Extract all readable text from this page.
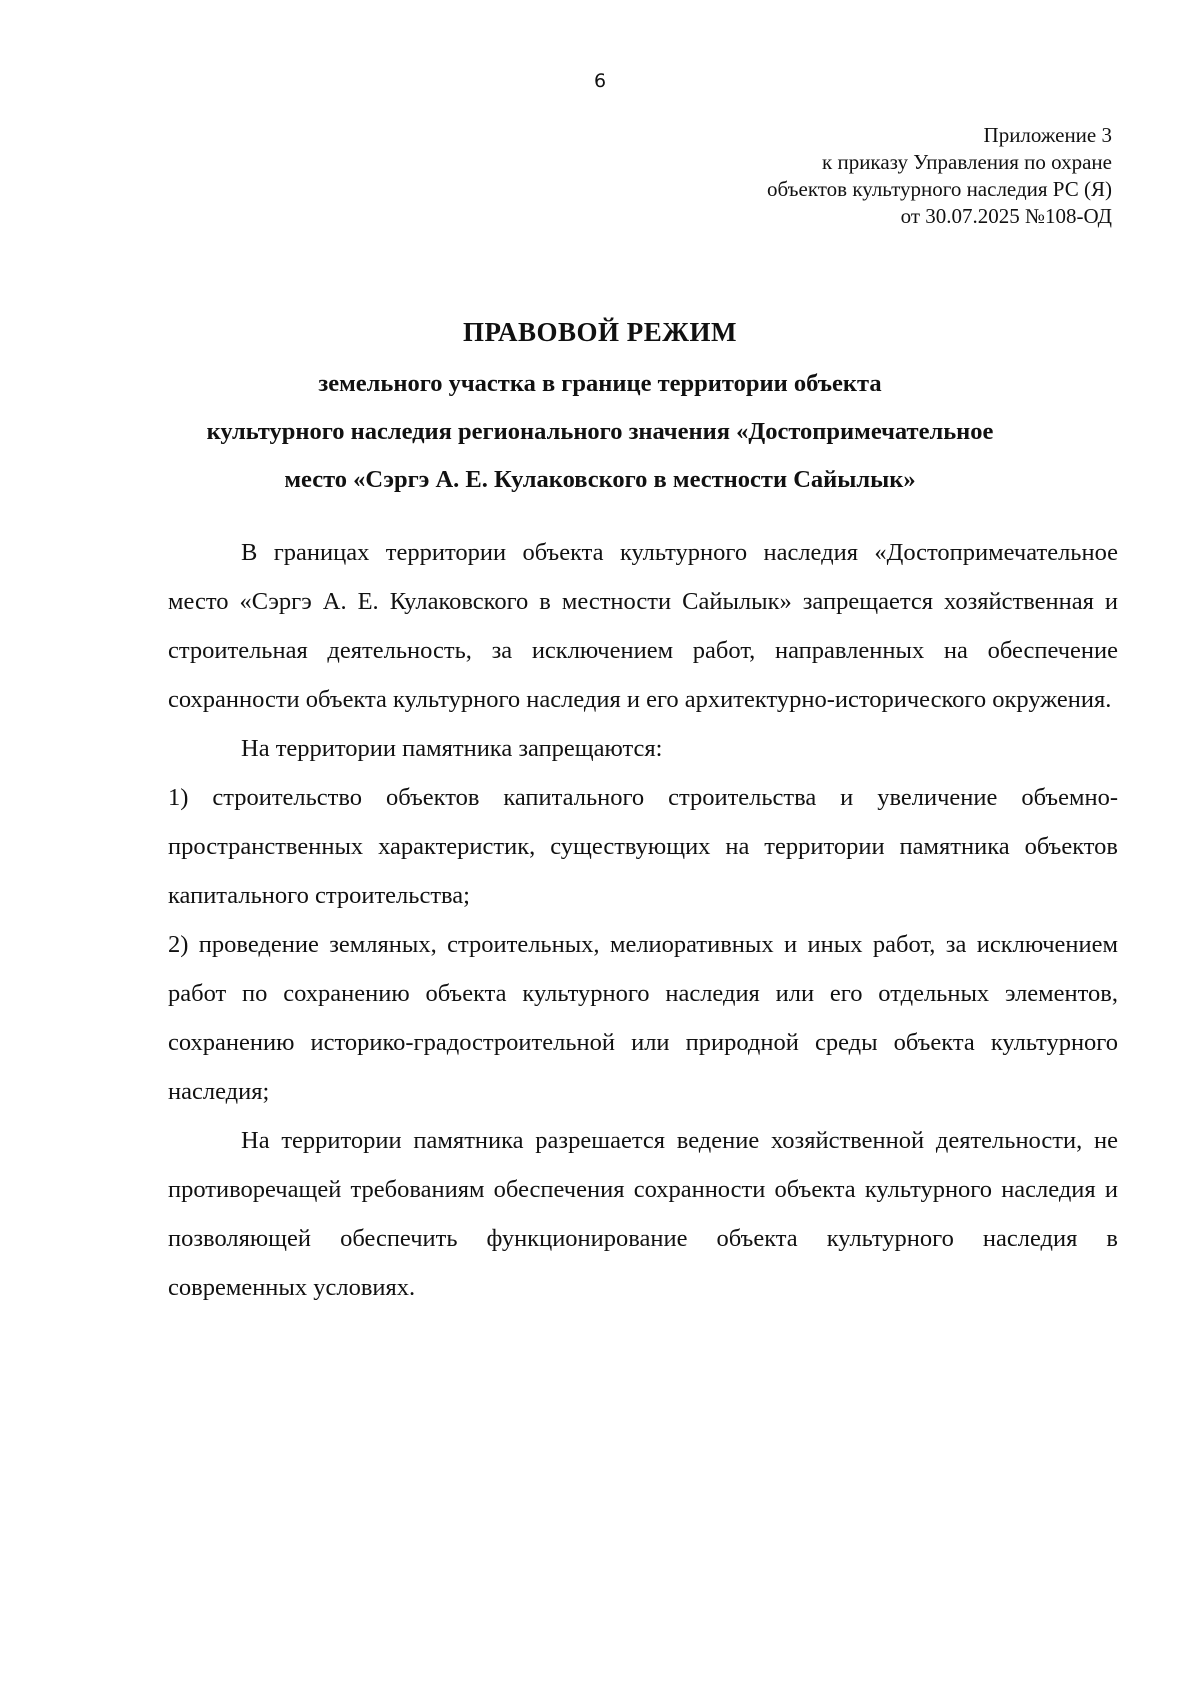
6
Приложение 3
к приказу Управления по охране
объектов культурного наследия РС (Я)
от 30.07.2025 №108-ОД
ПРАВОВОЙ РЕЖИМ
земельного участка в границе территории объекта
культурного наследия регионального значения «Достопримечательное
место «Сэргэ А. Е. Кулаковского в местности Сайылык»

В границах территории объекта культурного наследия «Достопримечательное место «Сэргэ А. Е. Кулаковского в местности Сайылык» запрещается хозяйственная и строительная деятельность, за исключением работ, направленных на обеспечение сохранности объекта культурного наследия и его архитектурно-исторического окружения.

На территории памятника запрещаются:

1) строительство объектов капитального строительства и увеличение объемно-пространственных характеристик, существующих на территории памятника объектов капитального строительства;

2) проведение земляных, строительных, мелиоративных и иных работ, за исключением работ по сохранению объекта культурного наследия или его отдельных элементов, сохранению историко-градостроительной или природной среды объекта культурного наследия;

На территории памятника разрешается ведение хозяйственной деятельности, не противоречащей требованиям обеспечения сохранности объекта культурного наследия и позволяющей обеспечить функционирование объекта культурного наследия в современных условиях.
